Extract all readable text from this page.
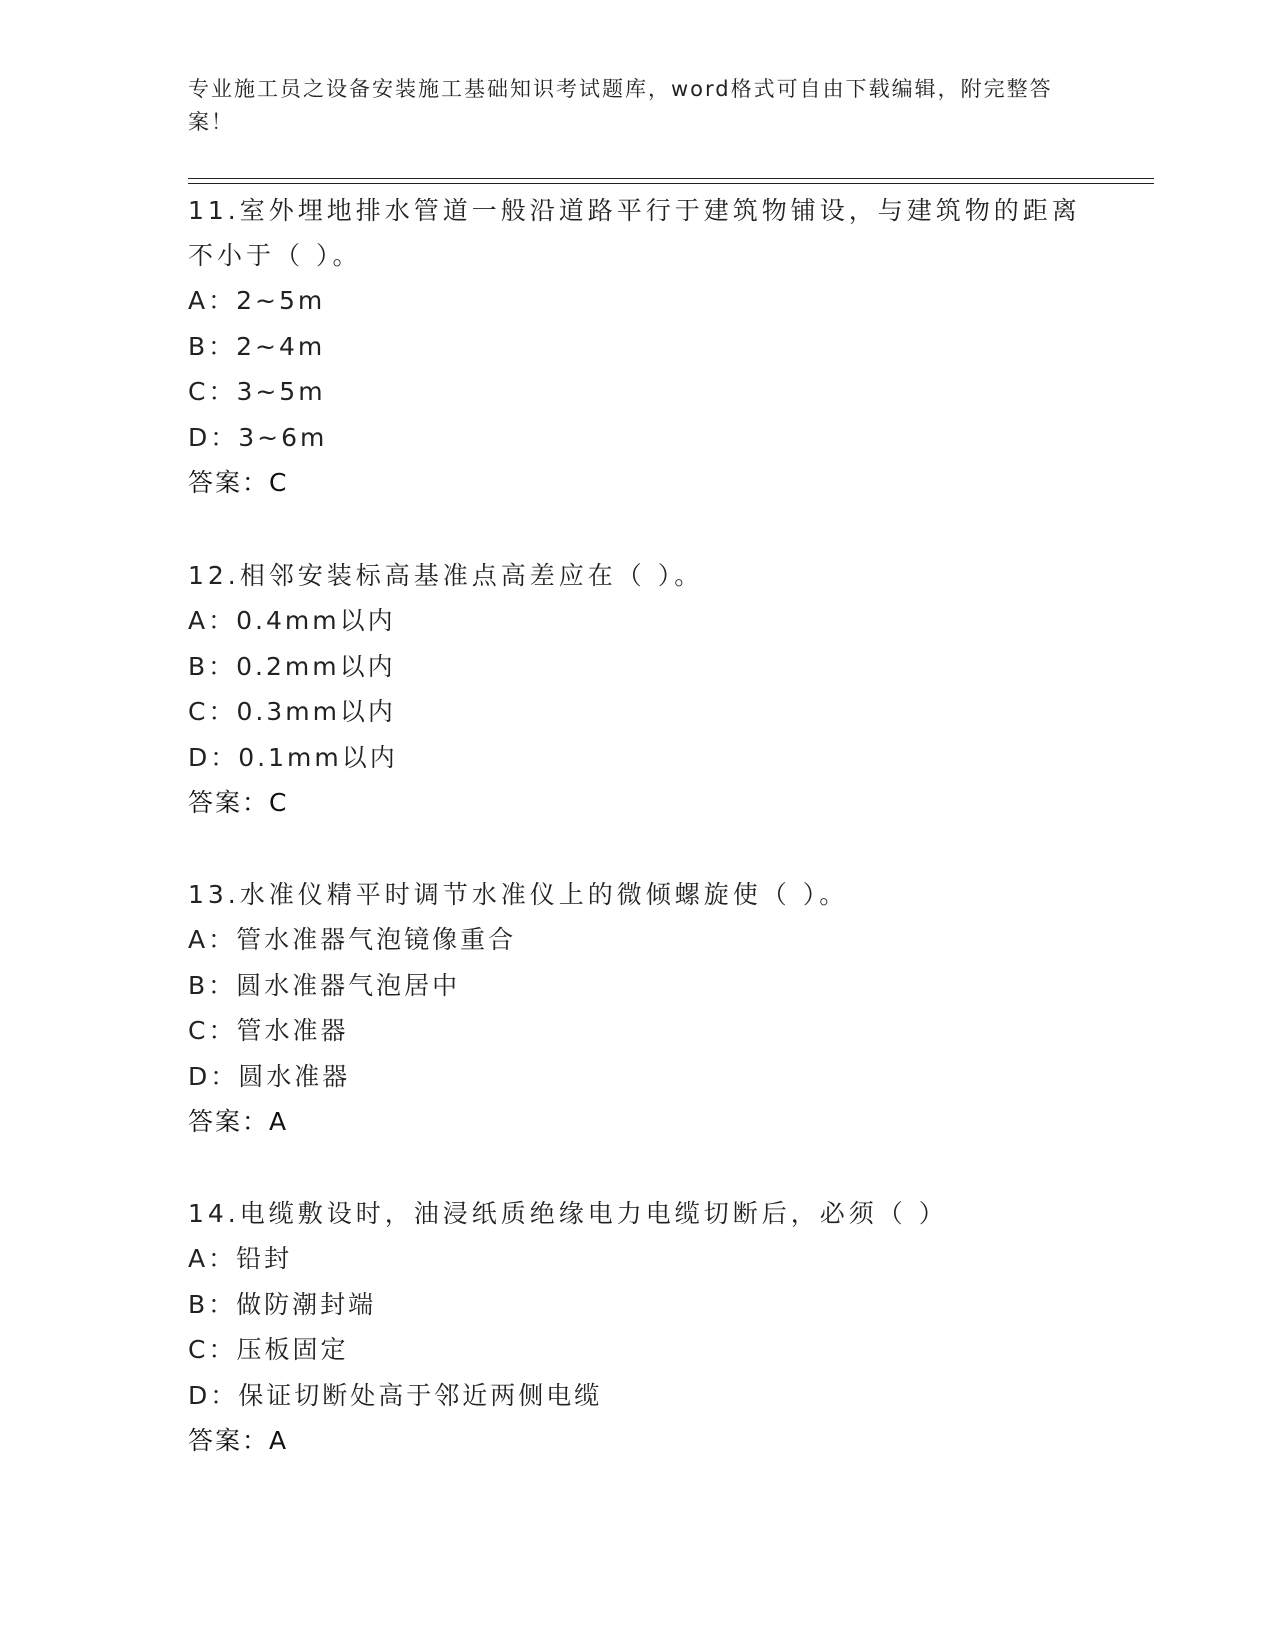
专业施工员之设备安装施工基础知识考试题库，word格式可自由下载编辑，附完整答案！

11.室外埋地排水管道一般沿道路平行于建筑物铺设，与建筑物的距离不小于（ ）。

A：2~5m

B：2~4m

C：3~5m

D：3~6m

答案：C

12.相邻安装标高基准点高差应在（ ）。

A：0.4mm以内

B：0.2mm以内

C：0.3mm以内

D：0.1mm以内

答案：C

13.水准仪精平时调节水准仪上的微倾螺旋使（ ）。

A：管水准器气泡镜像重合

B：圆水准器气泡居中

C：管水准器

D：圆水准器

答案：A

14.电缆敷设时，油浸纸质绝缘电力电缆切断后，必须（ ）

A：铅封

B：做防潮封端

C：压板固定

D：保证切断处高于邻近两侧电缆

答案：A
